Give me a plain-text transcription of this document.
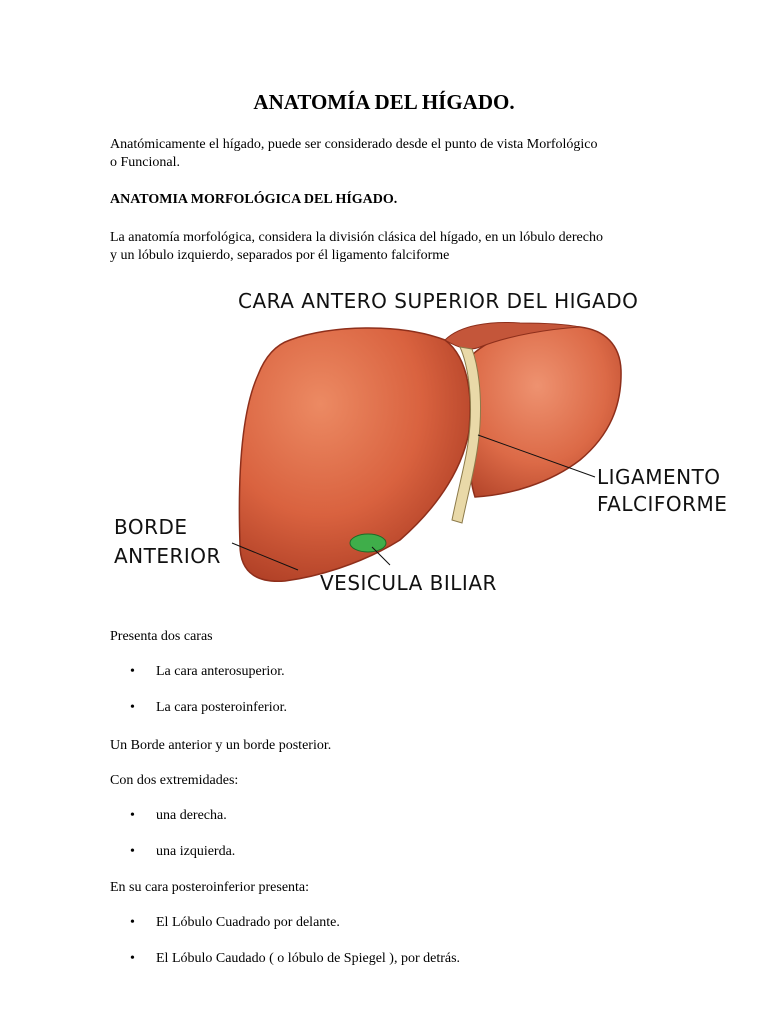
ANATOMÍA DEL HÍGADO.

Anatómicamente el hígado, puede ser considerado desde el punto de vista Morfológico
o Funcional.

ANATOMIA MORFOLÓGICA DEL HÍGADO.

La anatomía morfológica, considera la división clásica del hígado, en un lóbulo derecho
y un lóbulo izquierdo, separados por él ligamento falciforme

CARA ANTERO SUPERIOR DEL HIGADO
LIGAMENTO
FALCIFORME
BORDE
ANTERIOR
VESICULA BILIAR

Presenta dos caras

•	La cara anterosuperior.
•	La cara posteroinferior.

Un Borde anterior y un borde posterior.

Con dos extremidades:

•	una derecha.
•	una izquierda.

En su cara posteroinferior presenta:

•	El Lóbulo Cuadrado por delante.
•	El Lóbulo Caudado ( o lóbulo de Spiegel ), por detrás.
